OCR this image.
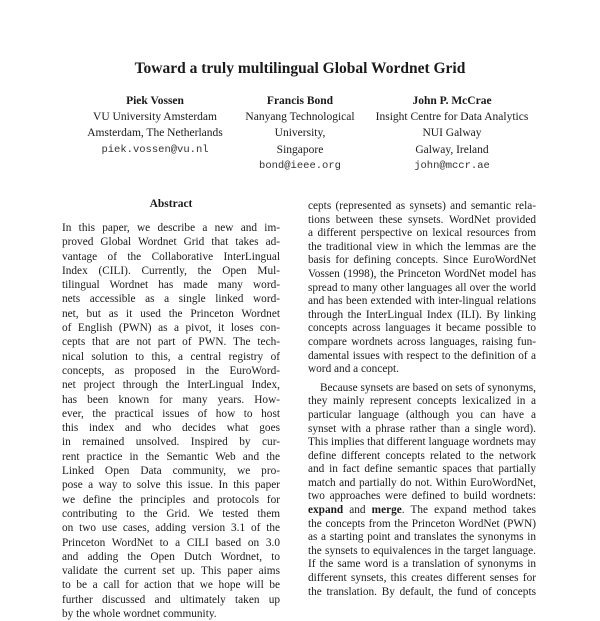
Toward a truly multilingual Global Wordnet Grid
Piek Vossen
VU University Amsterdam
Amsterdam, The Netherlands
piek.vossen@vu.nl
Francis Bond
Nanyang Technological
University,
Singapore
bond@ieee.org
John P. McCrae
Insight Centre for Data Analytics
NUI Galway
Galway, Ireland
john@mccr.ae
Abstract
In this paper, we describe a new and im-
proved Global Wordnet Grid that takes ad-
vantage of the Collaborative InterLingual
Index (CILI). Currently, the Open Mul-
tilingual Wordnet has made many word-
nets accessible as a single linked word-
net, but as it used the Princeton Wordnet
of English (PWN) as a pivot, it loses con-
cepts that are not part of PWN. The tech-
nical solution to this, a central registry of
concepts, as proposed in the EuroWord-
net project through the InterLingual Index,
has been known for many years. How-
ever, the practical issues of how to host
this index and who decides what goes
in remained unsolved. Inspired by cur-
rent practice in the Semantic Web and the
Linked Open Data community, we pro-
pose a way to solve this issue. In this paper
we define the principles and protocols for
contributing to the Grid. We tested them
on two use cases, adding version 3.1 of the
Princeton WordNet to a CILI based on 3.0
and adding the Open Dutch Wordnet, to
validate the current set up. This paper aims
to be a call for action that we hope will be
further discussed and ultimately taken up
by the whole wordnet community.
cepts (represented as synsets) and semantic rela-
tions between these synsets. WordNet provided
a different perspective on lexical resources from
the traditional view in which the lemmas are the
basis for defining concepts. Since EuroWordNet
Vossen (1998), the Princeton WordNet model has
spread to many other languages all over the world
and has been extended with inter-lingual relations
through the InterLingual Index (ILI). By linking
concepts across languages it became possible to
compare wordnets across languages, raising fun-
damental issues with respect to the definition of a
word and a concept.
Because synsets are based on sets of synonyms,
they mainly represent concepts lexicalized in a
particular language (although you can have a
synset with a phrase rather than a single word).
This implies that different language wordnets may
define different concepts related to the network
and in fact define semantic spaces that partially
match and partially do not. Within EuroWordNet,
two approaches were defined to build wordnets:
expand and merge. The expand method takes
the concepts from the Princeton WordNet (PWN)
as a starting point and translates the synonyms in
the synsets to equivalences in the target language.
If the same word is a translation of synonyms in
different synsets, this creates different senses for
the translation. By default, the fund of concepts
